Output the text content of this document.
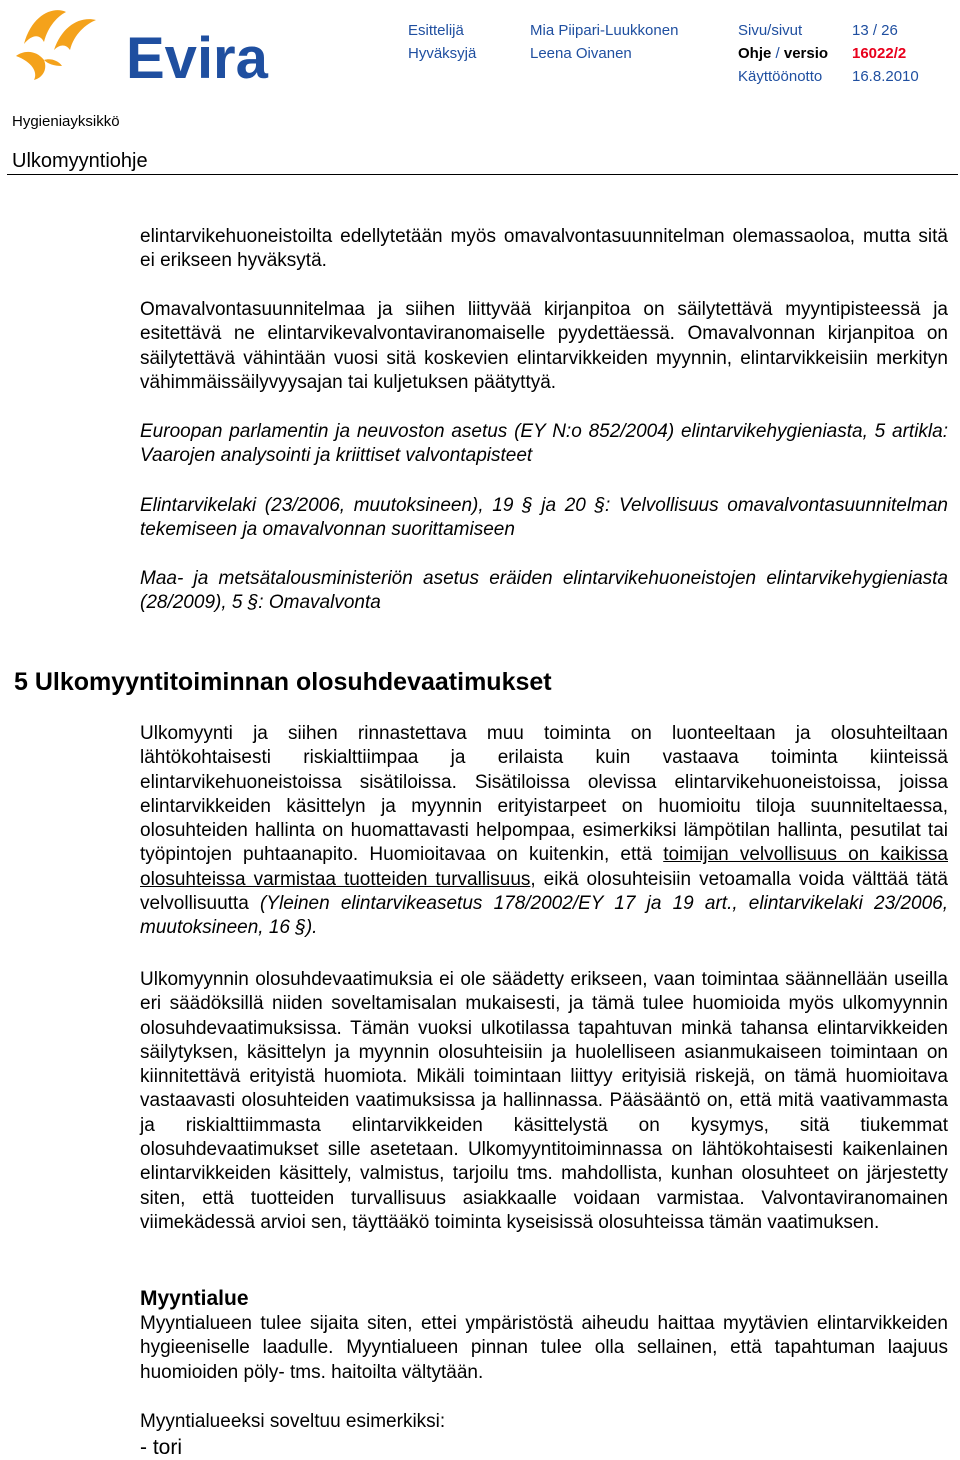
Evira	Esittelijä	Mia Piipari-Luukkonen	Sivu/sivut	13 / 26
Hyväksyjä	Leena Oivanen	Ohje / versio 16022/2
Käyttöönotto 16.8.2010
Hygieniayksikkö
Ulkomyyntiohje

elintarvikehuoneistoilta edellytetään myös omavalvontasuunnitelman olemassaoloa, mutta sitä ei erikseen hyväksytä.

Omavalvontasuunnitelmaa ja siihen liittyvää kirjanpitoa on säilytettävä myyntipisteessä ja esitettävä ne elintarvikevalvontaviranomaiselle pyydettäessä. Omavalvonnan kirjanpitoa on säilytettävä vähintään vuosi sitä koskevien elintarvikkeiden myynnin, elintarvikkeisiin merkityn vähimmäissäilyvyysajan tai kuljetuksen päätyttyä.

Euroopan parlamentin ja neuvoston asetus (EY N:o 852/2004) elintarvikehygieniasta, 5 artikla: Vaarojen analysointi ja kriittiset valvontapisteet

Elintarvikelaki (23/2006, muutoksineen), 19 § ja 20 §: Velvollisuus omavalvontasuunnitelman tekemiseen ja omavalvonnan suorittamiseen

Maa- ja metsätalousministeriön asetus eräiden elintarvikehuoneistojen elintarvikehygieniasta (28/2009), 5 §: Omavalvonta

5 Ulkomyyntitoiminnan olosuhdevaatimukset

Ulkomyynti ja siihen rinnastettava muu toiminta on luonteeltaan ja olosuhteiltaan lähtökohtaisesti riskialttiimpaa ja erilaista kuin vastaava toiminta kiinteissä elintarvikehuoneistoissa sisätiloissa. Sisätiloissa olevissa elintarvikehuoneistoissa, joissa elintarvikkeiden käsittelyn ja myynnin erityistarpeet on huomioitu tiloja suunniteltaessa, olosuhteiden hallinta on huomattavasti helpompaa, esimerkiksi lämpötilan hallinta, pesutilat tai työpintojen puhtaanapito. Huomioitavaa on kuitenkin, että toimijan velvollisuus on kaikissa olosuhteissa varmistaa tuotteiden turvallisuus, eikä olosuhteisiin vetoamalla voida välttää tätä velvollisuutta (Yleinen elintarvikeasetus 178/2002/EY 17 ja 19 art., elintarvikelaki 23/2006, muutoksineen, 16 §).

Ulkomyynnin olosuhdevaatimuksia ei ole säädetty erikseen, vaan toimintaa säännellään useilla eri säädöksillä niiden soveltamisalan mukaisesti, ja tämä tulee huomioida myös ulkomyynnin olosuhdevaatimuksissa. Tämän vuoksi ulkotilassa tapahtuvan minkä tahansa elintarvikkeiden säilytyksen, käsittelyn ja myynnin olosuhteisiin ja huolelliseen asianmukaiseen toimintaan on kiinnitettävä erityistä huomiota. Mikäli toimintaan liittyy erityisiä riskejä, on tämä huomioitava vastaavasti olosuhteiden vaatimuksissa ja hallinnassa. Pääsääntö on, että mitä vaativammasta ja riskialttiimmasta elintarvikkeiden käsittelystä on kysymys, sitä tiukemmat olosuhdevaatimukset sille asetetaan. Ulkomyyntitoiminnassa on lähtökohtaisesti kaikenlainen elintarvikkeiden käsittely, valmistus, tarjoilu tms. mahdollista, kunhan olosuhteet on järjestetty siten, että tuotteiden turvallisuus asiakkaalle voidaan varmistaa. Valvontaviranomainen viimekädessä arvioi sen, täyttääkö toiminta kyseisissä olosuhteissa tämän vaatimuksen.

Myyntialue

Myyntialueen tulee sijaita siten, ettei ympäristöstä aiheudu haittaa myytävien elintarvikkeiden hygieeniselle laadulle. Myyntialueen pinnan tulee olla sellainen, että tapahtuman laajuus huomioiden pöly- tms. haitoilta vältytään.

Myyntialueeksi soveltuu esimerkiksi:

- tori
